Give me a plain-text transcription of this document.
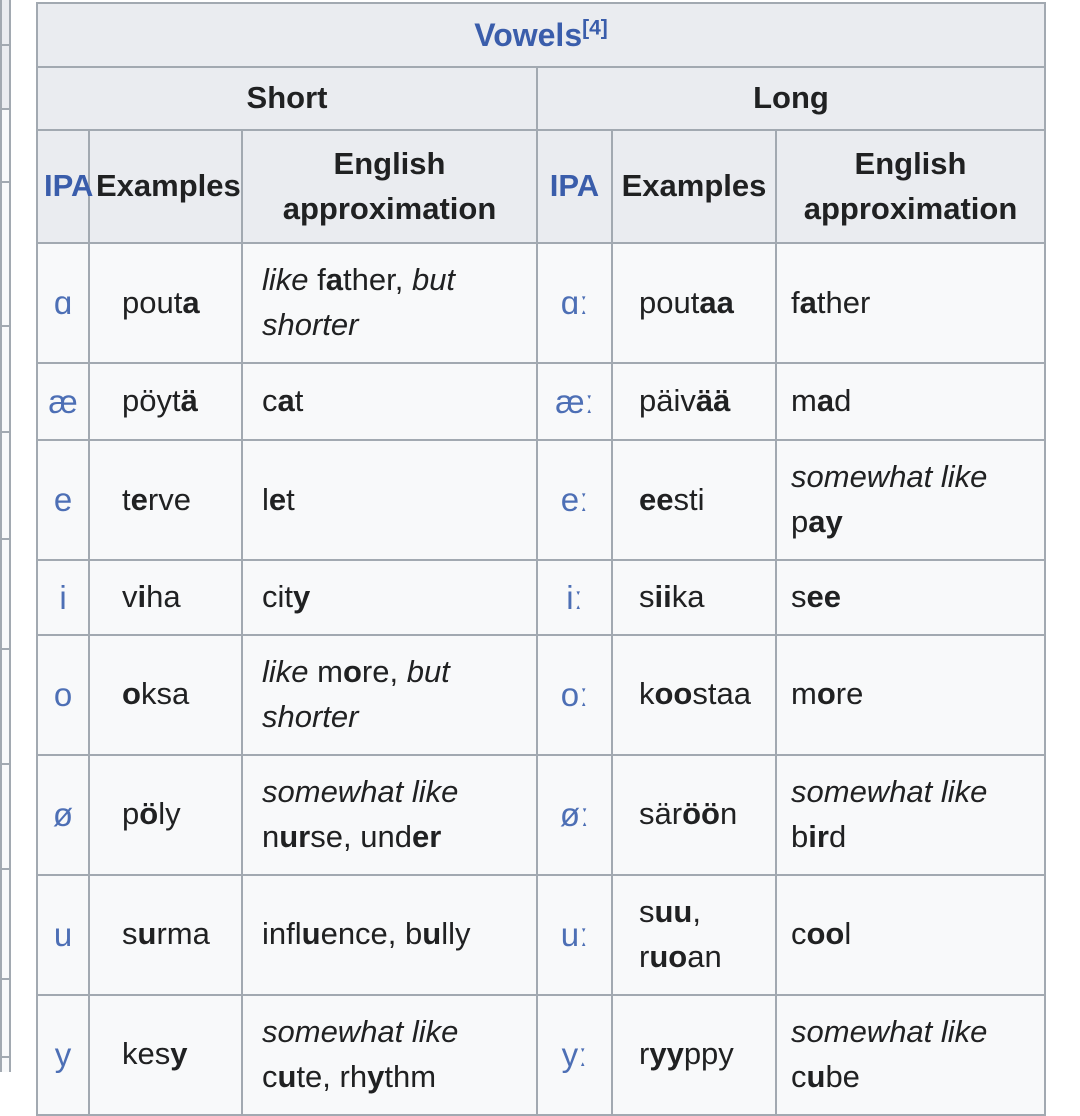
Vowels[4]
Short			Long		
IPA	Examples	English approximation	IPA	Examples	English approximation
ɑ	pouta	like father, but shorter	ɑː	poutaa	father
æ	pöytä	cat	æː	päivää	mad
e	terve	let	eː	eesti	somewhat like pay
i	viha	city	iː	siika	see
o	oksa	like more, but shorter	oː	koostaa	more
ø	pöly	somewhat like nurse, under	øː	säröön	somewhat like bird
u	surma	influence, bully	uː	suu, ruoan	cool
y	kesy	somewhat like cute, rhythm	yː	ryyppy	somewhat like cube
